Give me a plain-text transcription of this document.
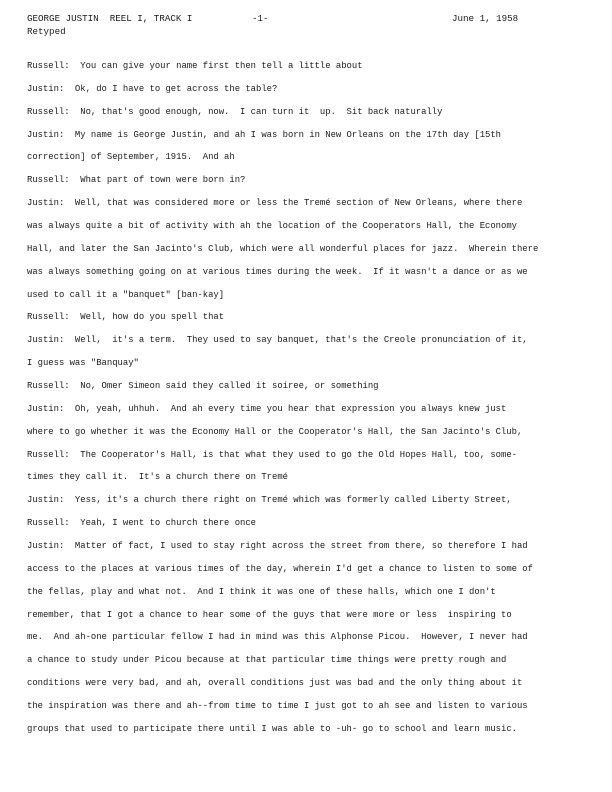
GEORGE JUSTIN  REEL I, TRACK I

	-1-

	June 1, 1958

Retyped
Russell:  You can give your name first then tell a little about
Justin:  Ok, do I have to get across the table?
Russell:  No, that's good enough, now.  I can turn it  up.  Sit back naturally
Justin:  My name is George Justin, and ah I was born in New Orleans on the 17th day [15th
correction] of September, 1915.  And ah
Russell:  What part of town were born in?
Justin:  Well, that was considered more or less the Tremé section of New Orleans, where there
was always quite a bit of activity with ah the location of the Cooperators Hall, the Economy
Hall, and later the San Jacinto's Club, which were all wonderful places for jazz.  Wherein there
was always something going on at various times during the week.  If it wasn't a dance or as we
used to call it a "banquet" [ban-kay]
Russell:  Well, how do you spell that
Justin:  Well,  it's a term.  They used to say banquet, that's the Creole pronunciation of it,
I guess was "Banquay"
Russell:  No, Omer Simeon said they called it soiree, or something
Justin:  Oh, yeah, uhhuh.  And ah every time you hear that expression you always knew just
where to go whether it was the Economy Hall or the Cooperator's Hall, the San Jacinto's Club,
Russell:  The Cooperator's Hall, is that what they used to go the Old Hopes Hall, too, some-
times they call it.  It's a church there on Tremé
Justin:  Yess, it's a church there right on Tremé which was formerly called Liberty Street,
Russell:  Yeah, I went to church there once
Justin:  Matter of fact, I used to stay right across the street from there, so therefore I had
access to the places at various times of the day, wherein I'd get a chance to listen to some of
the fellas, play and what not.  And I think it was one of these halls, which one I don't
remember, that I got a chance to hear some of the guys that were more or less  inspiring to
me.  And ah-one particular fellow I had in mind was this Alphonse Picou.  However, I never had
a chance to study under Picou because at that particular time things were pretty rough and
conditions were very bad, and ah, overall conditions just was bad and the only thing about it
the inspiration was there and ah--from time to time I just got to ah see and listen to various
groups that used to participate there until I was able to -uh- go to school and learn music.
